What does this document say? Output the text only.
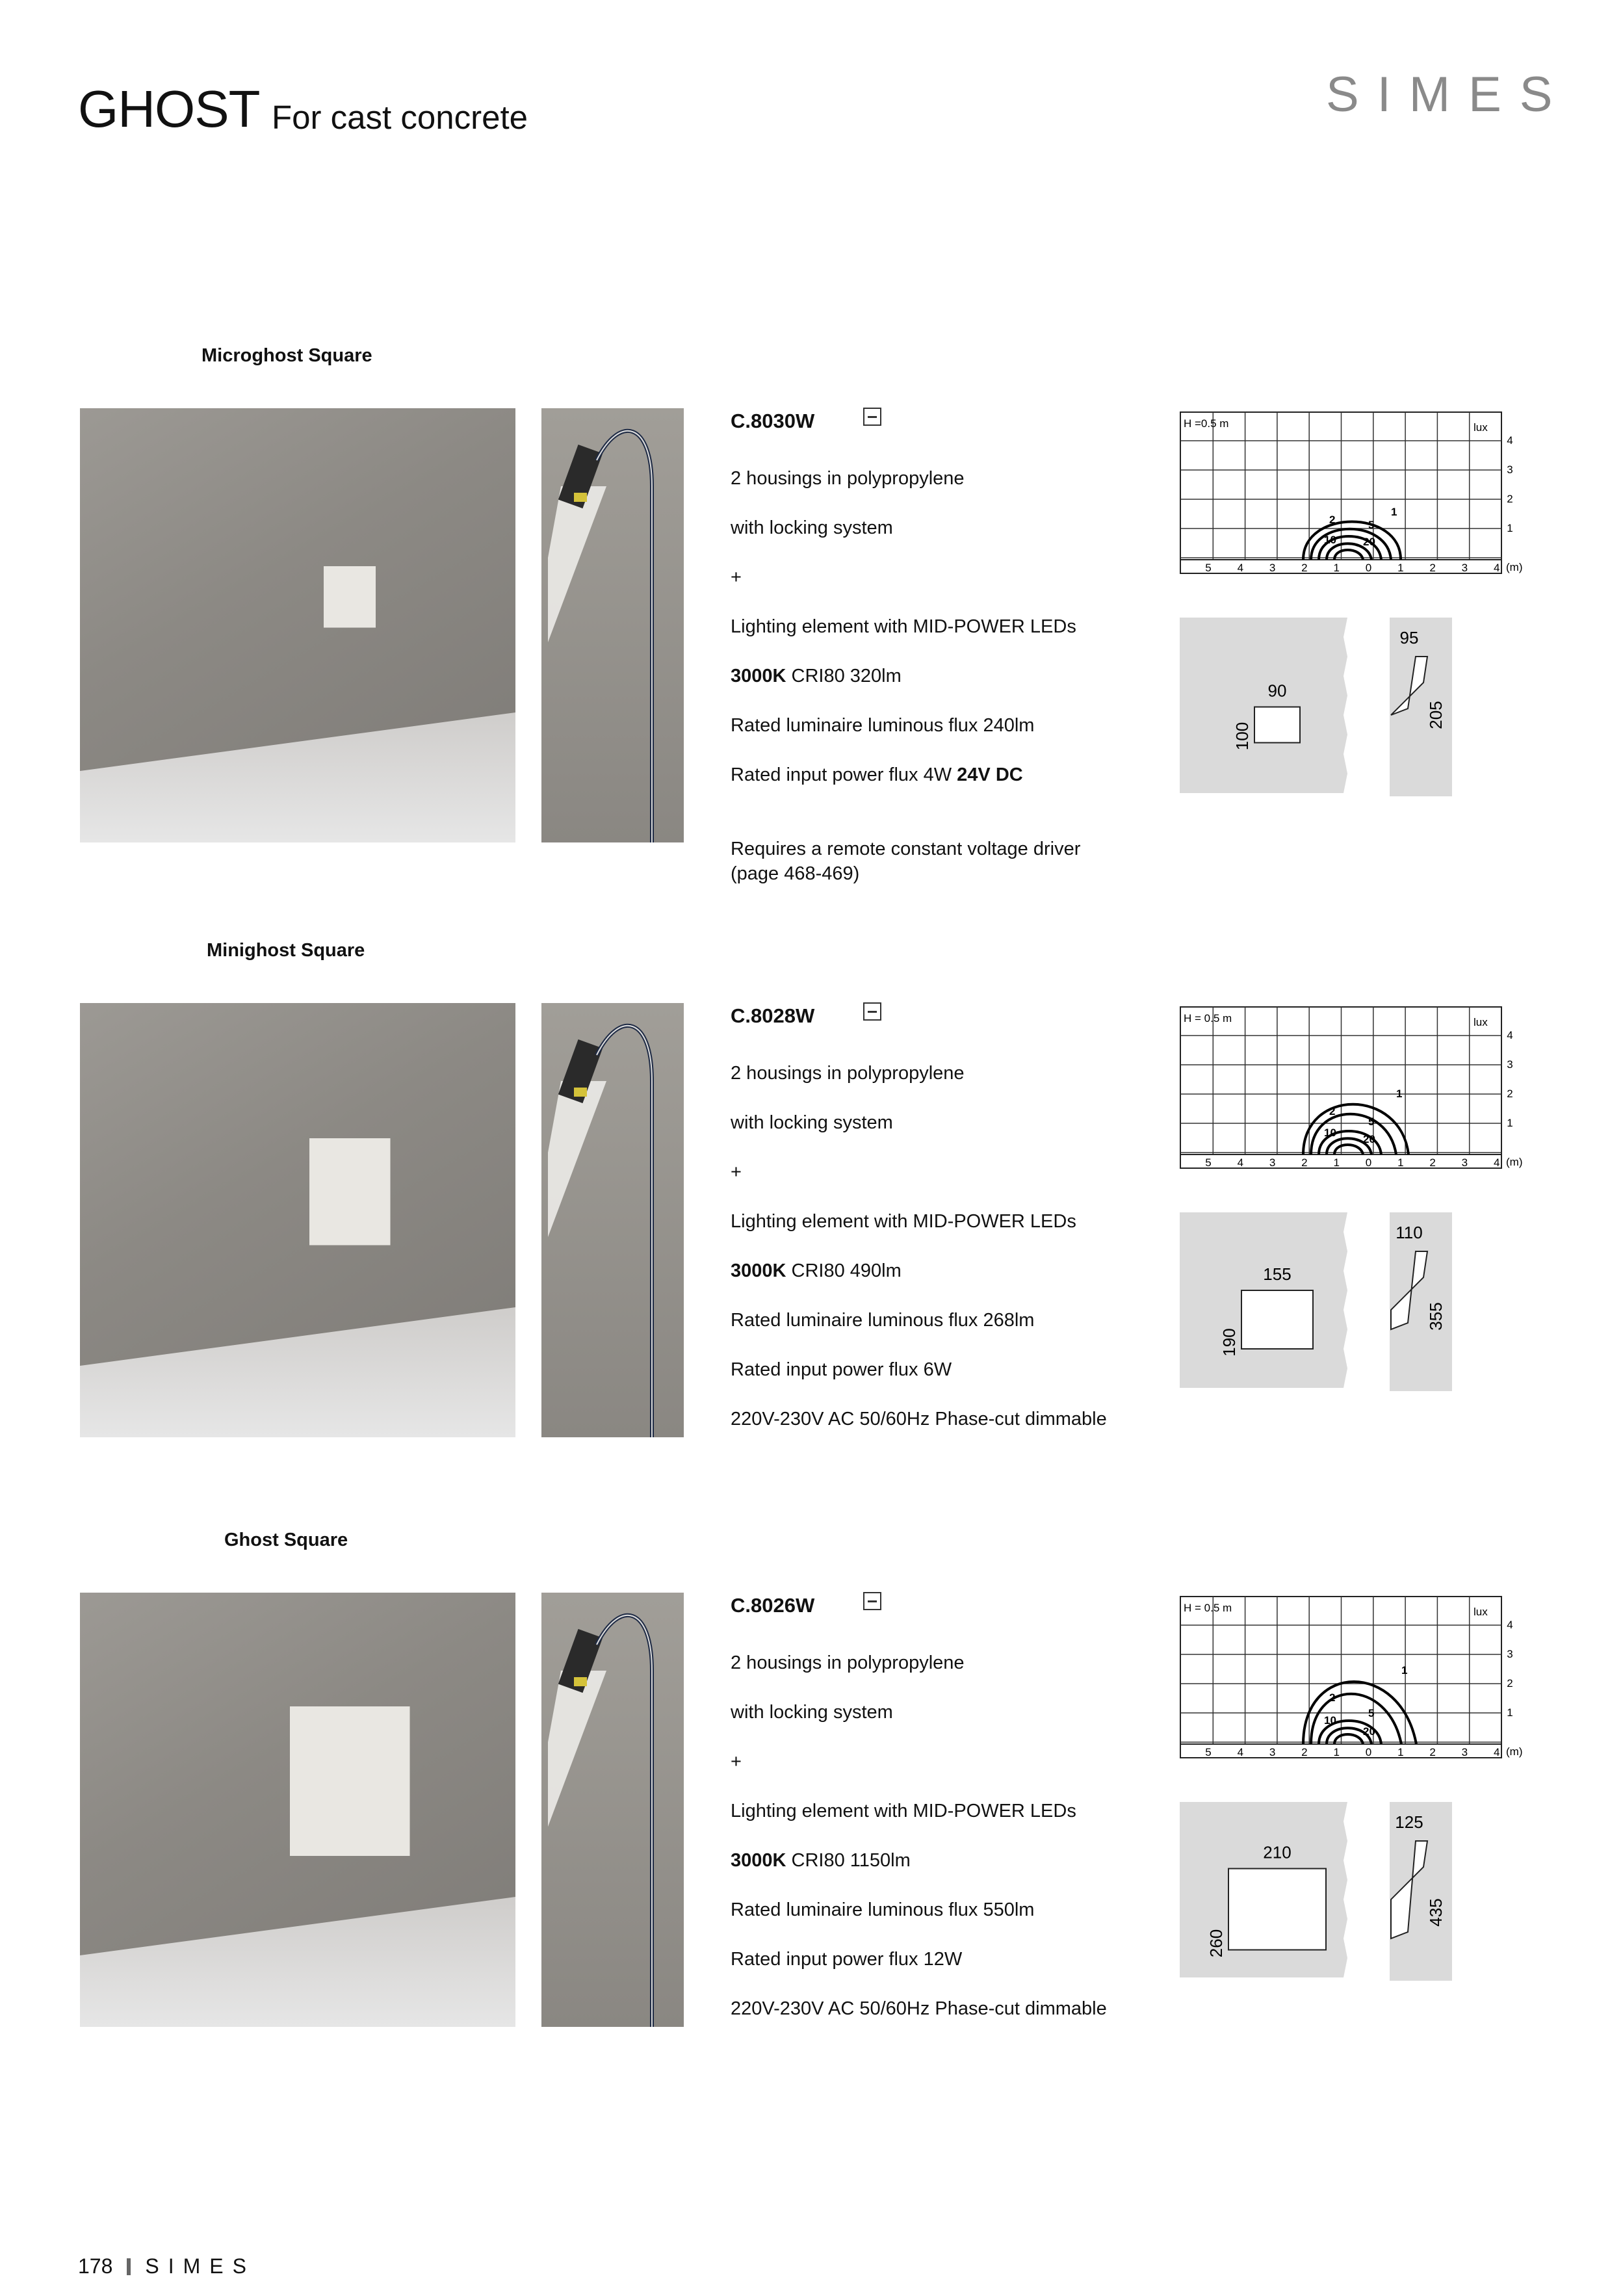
GHOST For cast concrete	SIMES
Microghost Square
C.8030W

2 housings in polypropylene

with locking system

+

Lighting element with MID-POWER LEDs

3000K CRI80 320lm

Rated luminaire luminous flux 240lm

Rated input power flux 4W 24V DC

Requires a remote constant voltage driver
(page 468-469)

H =0.5 m	lux
(m)
5 4 3 2 1 0 1 2 3 4
4
3
2
1
1
2	5
10 20
90
100
95
205
Minighost Square
C.8028W

2 housings in polypropylene

with locking system

+

Lighting element with MID-POWER LEDs

3000K CRI80 490lm

Rated luminaire luminous flux 268lm

Rated input power flux 6W

220V-230V AC 50/60Hz Phase-cut dimmable

H = 0.5 m	lux
(m)
5 4 3 2 1 0 1 2 3 4
4
3
2
1
1
2
5
10
20
155
190
110
355
Ghost Square
C.8026W

2 housings in polypropylene

with locking system

+

Lighting element with MID-POWER LEDs

3000K CRI80 1150lm

Rated luminaire luminous flux 550lm

Rated input power flux 12W

220V-230V AC 50/60Hz Phase-cut dimmable

H = 0.5 m	lux
(m)
5 4 3 2 1 0 1 2 3 4
4
3
2
1
1
2
5
10
20
210
260
125
435
178 SIMES
